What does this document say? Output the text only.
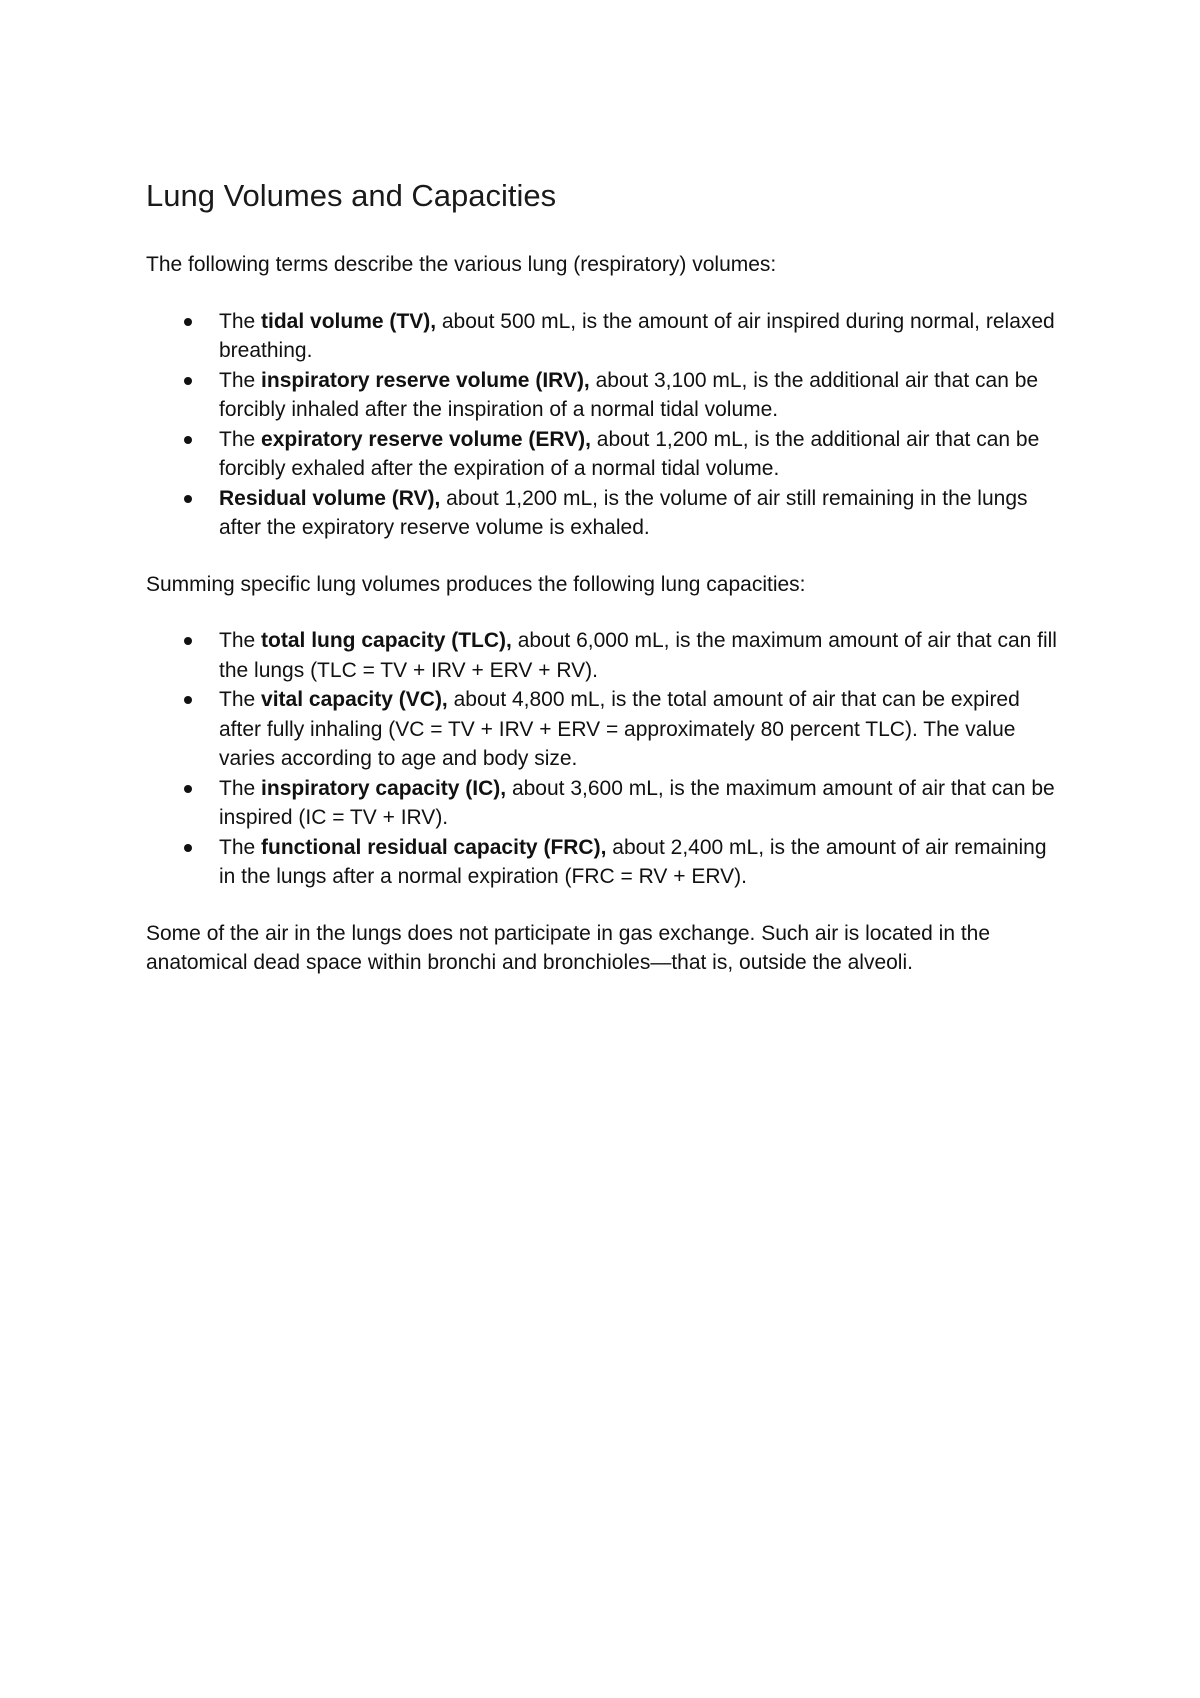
Lung Volumes and Capacities

The following terms describe the various lung (respiratory) volumes:

The tidal volume (TV), about 500 mL, is the amount of air inspired during normal, relaxed breathing.
The inspiratory reserve volume (IRV), about 3,100 mL, is the additional air that can be forcibly inhaled after the inspiration of a normal tidal volume.
The expiratory reserve volume (ERV), about 1,200 mL, is the additional air that can be forcibly exhaled after the expiration of a normal tidal volume.
Residual volume (RV), about 1,200 mL, is the volume of air still remaining in the lungs after the expiratory reserve volume is exhaled.

Summing specific lung volumes produces the following lung capacities:

The total lung capacity (TLC), about 6,000 mL, is the maximum amount of air that can fill the lungs (TLC = TV + IRV + ERV + RV).
The vital capacity (VC), about 4,800 mL, is the total amount of air that can be expired after fully inhaling (VC = TV + IRV + ERV = approximately 80 percent TLC). The value varies according to age and body size.
The inspiratory capacity (IC), about 3,600 mL, is the maximum amount of air that can be inspired (IC = TV + IRV).
The functional residual capacity (FRC), about 2,400 mL, is the amount of air remaining in the lungs after a normal expiration (FRC = RV + ERV).

Some of the air in the lungs does not participate in gas exchange. Such air is located in the anatomical dead space within bronchi and bronchioles—that is, outside the alveoli.
